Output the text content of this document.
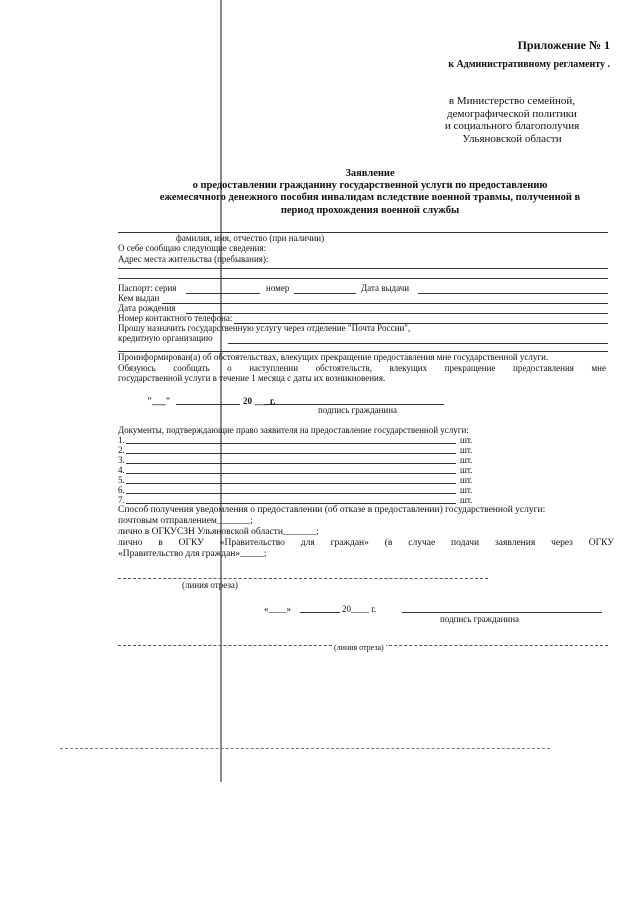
Приложение № 1
к Административному регламенту .
в Министерство семейной,
демографической политики
и социального благополучия
Ульяновской области
Заявление
о предоставлении гражданину государственной услуги по предоставлению
ежемесячного денежного пособия инвалидам вследствие военной травмы, полученной в
период прохождения военной службы
фамилия, имя, отчество (при наличии)
О себе сообщаю следующие сведения:
Адрес места жительства (пребывания):
Паспорт: серия	номер	Дата выдачи
Кем выдан
Дата рождения
Номер контактного телефона:
Прошу назначить государственную услугу через отделение "Почта России",
кредитную организацию
Проинформирован(а) об обстоятельствах, влекущих прекращение предоставления мне государственной услуги.
Обязуюсь сообщать о наступлении обстоятельств, влекущих прекращение предоставления мне
государственной услуги в течение 1 месяца с даты их возникновения.
"___"	20 ___ г.
подпись гражданина
Документы, подтверждающие право заявителя на предоставление государственной услуги:
1.	шт.
2.	шт.
3.	шт.
4.	шт.
5.	шт.
6.	шт.
7.	шт.
Способ получения уведомления о предоставлении (об отказе в предоставлении) государственной услуги:
почтовым отправлением_______;
лично в ОГКУСЗН Ульяновской области_______;
лично в ОГКУ «Правительство для граждан» (в случае подачи заявления через ОГКУ
«Правительство для граждан»_____;
(линия отреза)
«____»	20____ г.
подпись гражданина
(линия отреза)
